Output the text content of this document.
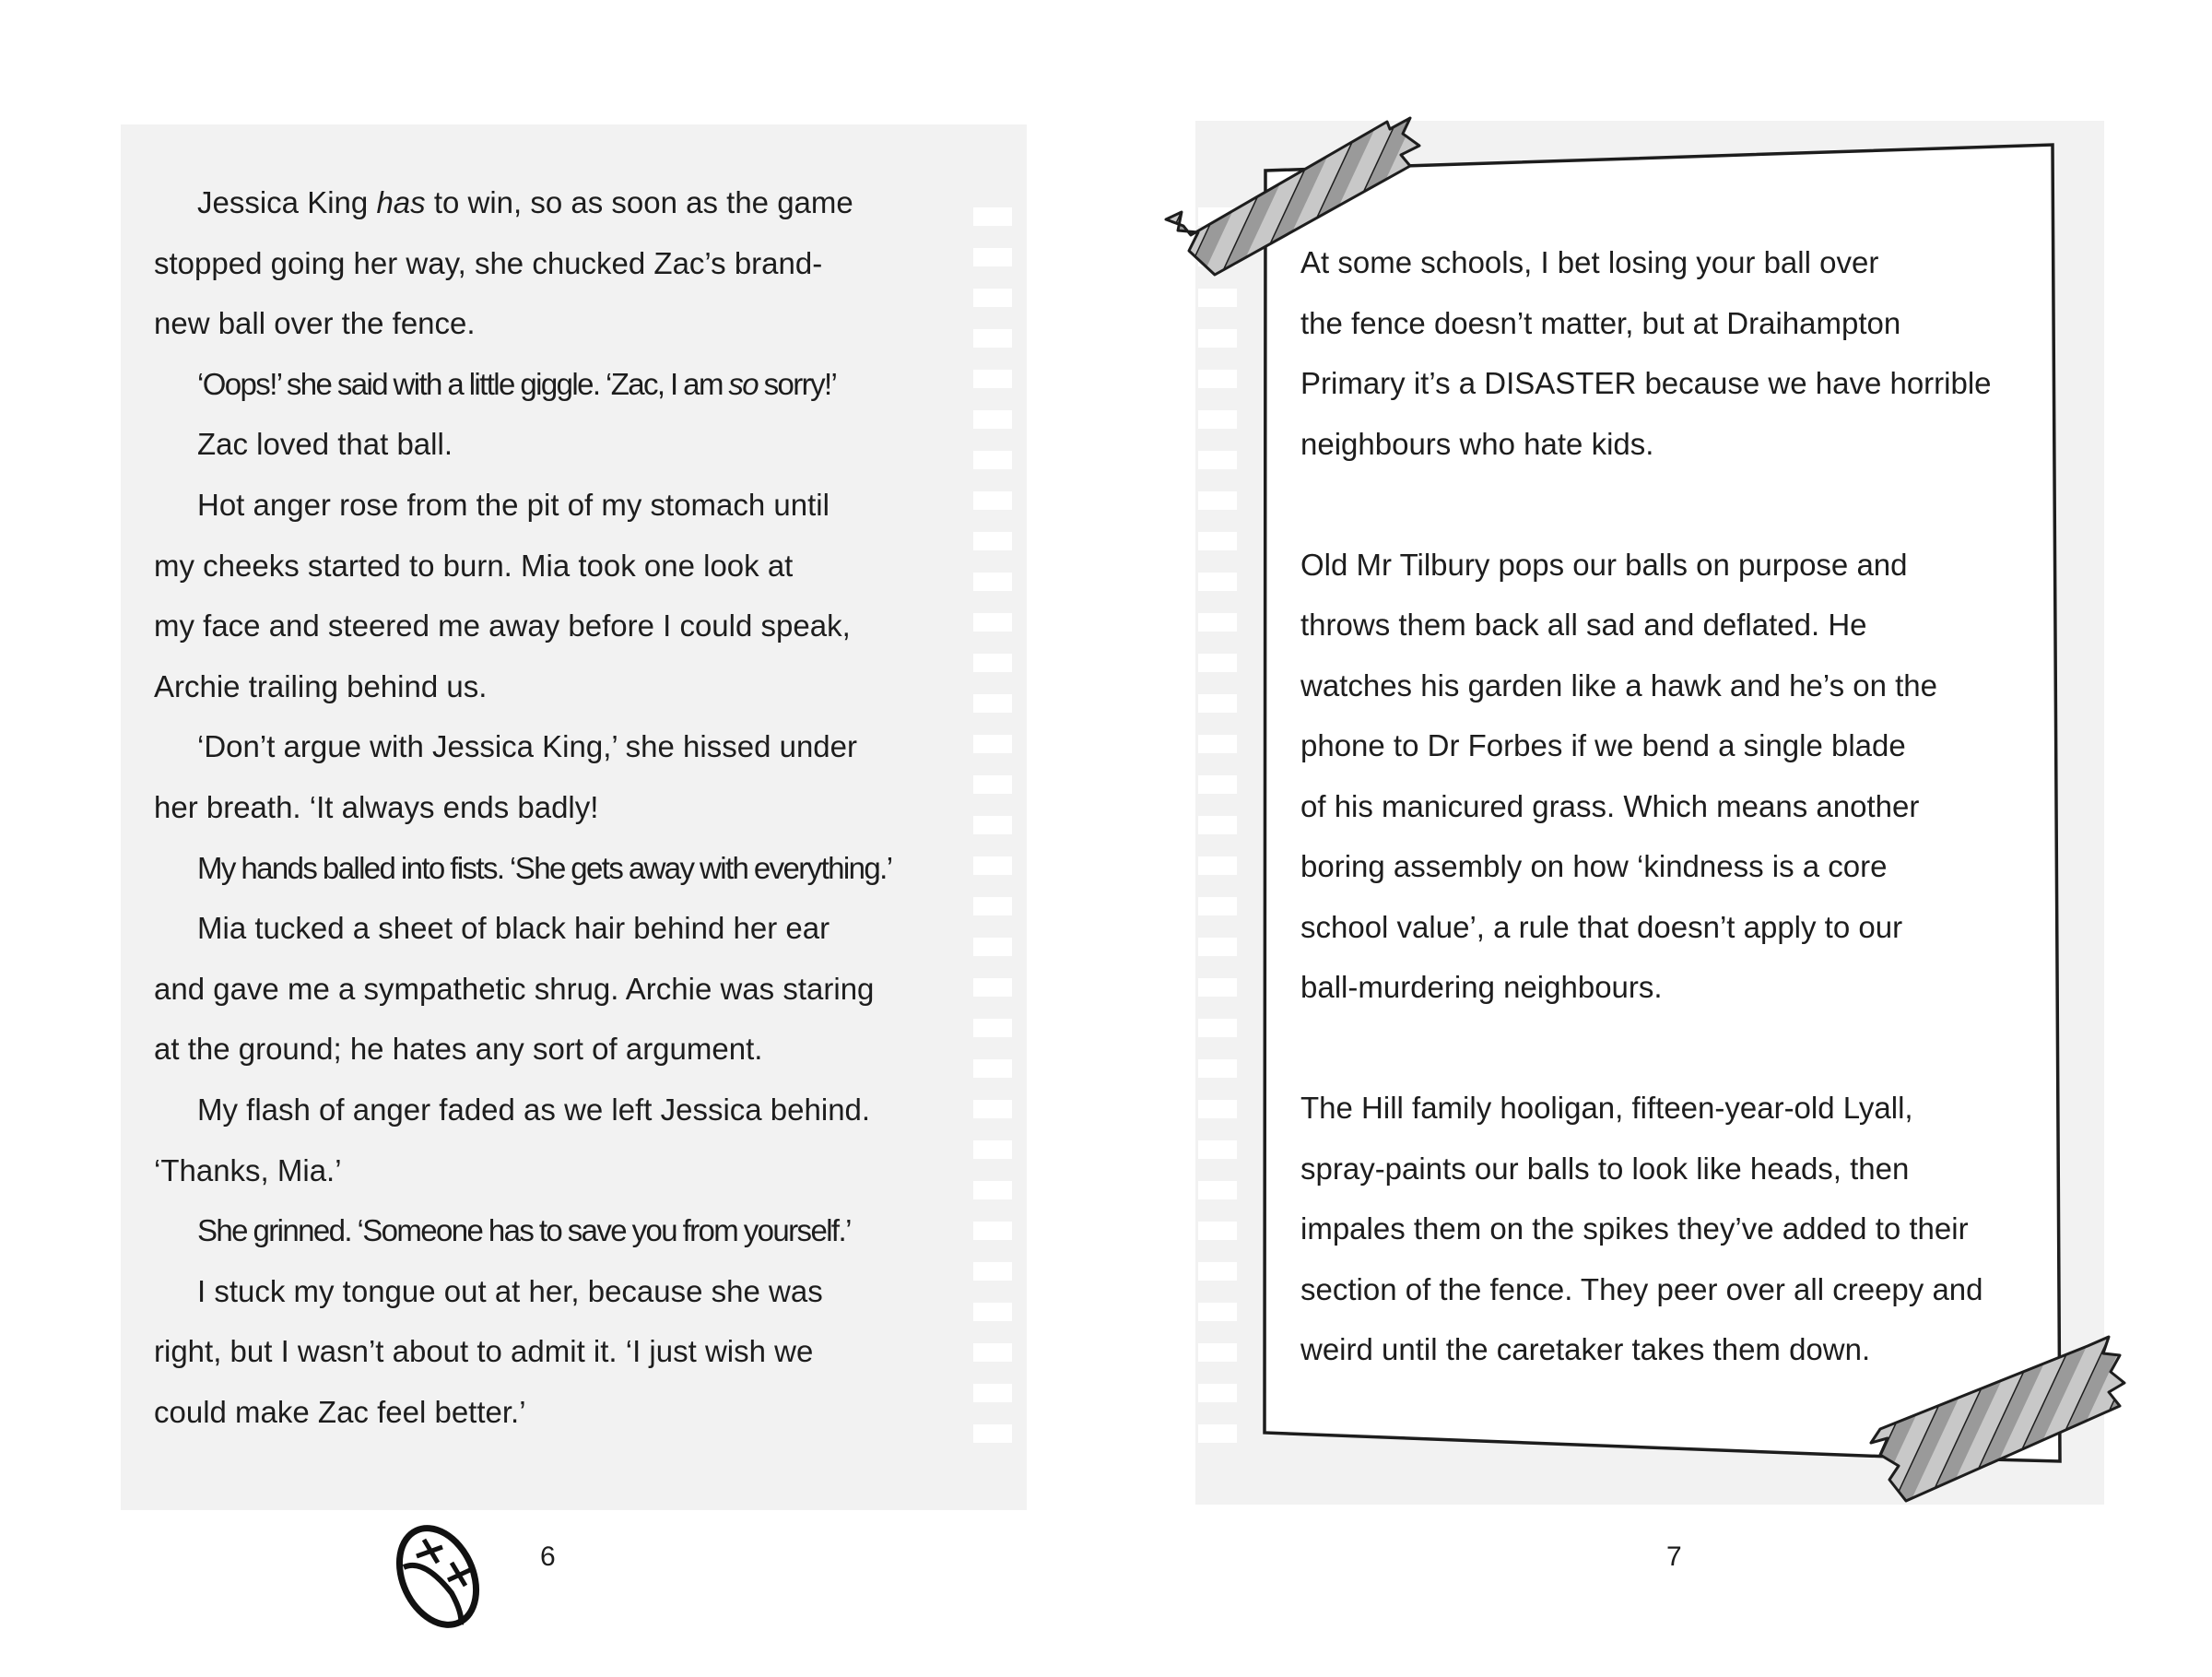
Jessica King has to win, so as soon as the game
stopped going her way, she chucked Zac’s brand-
new ball over the fence.
‘Oops!’ she said with a little giggle. ‘Zac, I am so sorry!’
Zac loved that ball.
Hot anger rose from the pit of my stomach until
my cheeks started to burn. Mia took one look at
my face and steered me away before I could speak,
Archie trailing behind us.
‘Don’t argue with Jessica King,’ she hissed under
her breath. ‘It always ends badly!
My hands balled into fists. ‘She gets away with everything.’
Mia tucked a sheet of black hair behind her ear
and gave me a sympathetic shrug. Archie was staring
at the ground; he hates any sort of argument.
My flash of anger faded as we left Jessica behind.
‘Thanks, Mia.’
She grinned. ‘Someone has to save you from yourself.’
I stuck my tongue out at her, because she was
right, but I wasn’t about to admit it. ‘I just wish we
could make Zac feel better.’
At some schools, I bet losing your ball over
the fence doesn’t matter, but at Draihampton
Primary it’s a DISASTER because we have horrible
neighbours who hate kids.
Old Mr Tilbury pops our balls on purpose and
throws them back all sad and deflated. He
watches his garden like a hawk and he’s on the
phone to Dr Forbes if we bend a single blade
of his manicured grass. Which means another
boring assembly on how ‘kindness is a core
school value’, a rule that doesn’t apply to our
ball-murdering neighbours.
The Hill family hooligan, fifteen-year-old Lyall,
spray-paints our balls to look like heads, then
impales them on the spikes they’ve added to their
section of the fence. They peer over all creepy and
weird until the caretaker takes them down.
6	7
